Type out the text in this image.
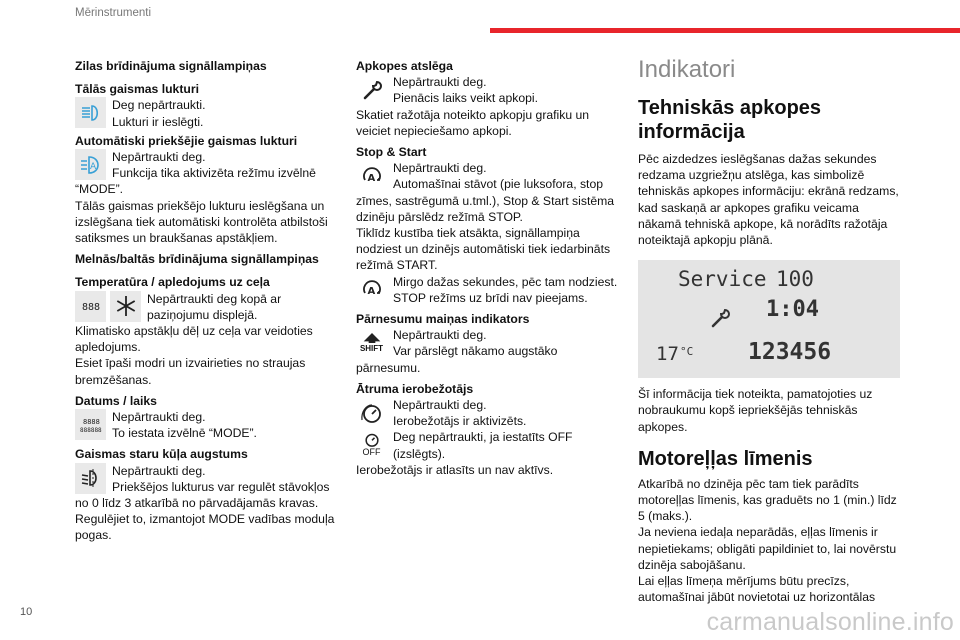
Mērinstrumenti
10	carmanualsonline.info

Zilas brīdinājuma signāllampiņas

Tālās gaismas lukturi

Deg nepārtraukti.

Lukturi ir ieslēgti.

Automātiski priekšējie gaismas lukturi

A

Nepārtraukti deg.

Funkcija tika aktivizēta režīmu izvēlnē

“MODE”.

Tālās gaismas priekšējo lukturu ieslēgšana un izslēgšana tiek automātiski kontrolēta atbilstoši satiksmes un braukšanas apstākļiem.

Melnās/baltās brīdinājuma signāllampiņas

Temperatūra / apledojums uz ceļa

888

Nepārtraukti deg kopā ar

paziņojumu displejā.

Klimatisko apstākļu dēļ uz ceļa var veidoties apledojums.

Esiet īpaši modri un izvairieties no straujas bremzēšanas.

Datums / laiks

8888
888888

Nepārtraukti deg.

To iestata izvēlnē “MODE”.

Gaismas staru kūļa augstums

Nepārtraukti deg.

Priekšējos lukturus var regulēt stāvokļos

no 0 līdz 3 atkarībā no pārvadājamās kravas.

Regulējiet to, izmantojot MODE vadības moduļa pogas.

Apkopes atslēga

Nepārtraukti deg.

Pienācis laiks veikt apkopi.

Skatiet ražotāja noteikto apkopju grafiku un veiciet nepieciešamo apkopi.

Stop & Start

A

Nepārtraukti deg.

Automašīnai stāvot (pie luksofora, stop

zīmes, sastrēgumā u.tml.), Stop & Start sistēma dzinēju pārslēdz režīmā STOP.

Tiklīdz kustība tiek atsākta, signāllampiņa nodziest un dzinējs automātiski tiek iedarbināts režīmā START.

A

Mirgo dažas sekundes, pēc tam nodziest.

STOP režīms uz brīdi nav pieejams.

Pārnesumu maiņas indikators

SHIFT

Nepārtraukti deg.

Var pārslēgt nākamo augstāko

pārnesumu.

Ātruma ierobežotājs

Nepārtraukti deg.

Ierobežotājs ir aktivizēts.

OFF

Deg nepārtraukti, ja iestatīts OFF

(izslēgts).

Ierobežotājs ir atlasīts un nav aktīvs.

Indikatori

Tehniskās apkopes informācija

Pēc aizdedzes ieslēgšanas dažas sekundes redzama uzgriežņu atslēga, kas simbolizē tehniskās apkopes informāciju: ekrānā redzams, kad saskaņā ar apkopes grafiku veicama nākamā tehniskā apkope, kā norādīts ražotāja noteiktajā apkopju plānā.

Service 100
1:04
17 °C 123456

Šī informācija tiek noteikta, pamatojoties uz nobraukumu kopš iepriekšējās tehniskās apkopes.

Motoreļļas līmenis

Atkarībā no dzinēja pēc tam tiek parādīts motoreļļas līmenis, kas graduēts no 1 (min.) līdz 5 (maks.).

Ja neviena iedaļa neparādās, eļļas līmenis ir nepietiekams; obligāti papildiniet to, lai novērstu dzinēja sabojāšanu.

Lai eļļas līmeņa mērījums būtu precīzs, automašīnai jābūt novietotai uz horizontālas
